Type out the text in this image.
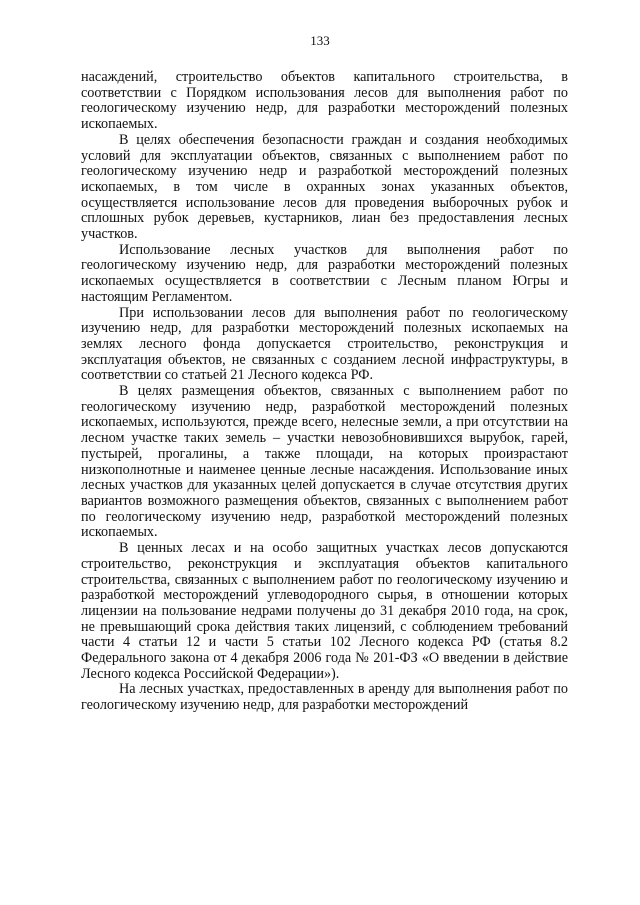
133

насаждений, строительство объектов капитального строительства, в соответствии с Порядком использования лесов для выполнения работ по геологическому изучению недр, для разработки месторождений полезных ископаемых.

В целях обеспечения безопасности граждан и создания необходимых условий для эксплуатации объектов, связанных с выполнением работ по геологическому изучению недр и разработкой месторождений полезных ископаемых, в том числе в охранных зонах указанных объектов, осуществляется использование лесов для проведения выборочных рубок и сплошных рубок деревьев, кустарников, лиан без предоставления лесных участков.

Использование лесных участков для выполнения работ по геологическому изучению недр, для разработки месторождений полезных ископаемых осуществляется в соответствии с Лесным планом Югры и настоящим Регламентом.

При использовании лесов для выполнения работ по геологическому изучению недр, для разработки месторождений полезных ископаемых на землях лесного фонда допускается строительство, реконструкция и эксплуатация объектов, не связанных с созданием лесной инфраструктуры, в соответствии со статьей 21 Лесного кодекса РФ.

В целях размещения объектов, связанных с выполнением работ по геологическому изучению недр, разработкой месторождений полезных ископаемых, используются, прежде всего, нелесные земли, а при отсутствии на лесном участке таких земель – участки невозобновившихся вырубок, гарей, пустырей, прогалины, а также площади, на которых произрастают низкополнотные и наименее ценные лесные насаждения. Использование иных лесных участков для указанных целей допускается в случае отсутствия других вариантов возможного размещения объектов, связанных с выполнением работ по геологическому изучению недр, разработкой месторождений полезных ископаемых.

В ценных лесах и на особо защитных участках лесов допускаются строительство, реконструкция и эксплуатация объектов капитального строительства, связанных с выполнением работ по геологическому изучению и разработкой месторождений углеводородного сырья, в отношении которых лицензии на пользование недрами получены до 31 декабря 2010 года, на срок, не превышающий срока действия таких лицензий, с соблюдением требований части 4 статьи 12 и части 5 статьи 102 Лесного кодекса РФ (статья 8.2 Федерального закона от 4 декабря 2006 года № 201-ФЗ «О введении в действие Лесного кодекса Российской Федерации»).

На лесных участках, предоставленных в аренду для выполнения работ по геологическому изучению недр, для разработки месторождений
